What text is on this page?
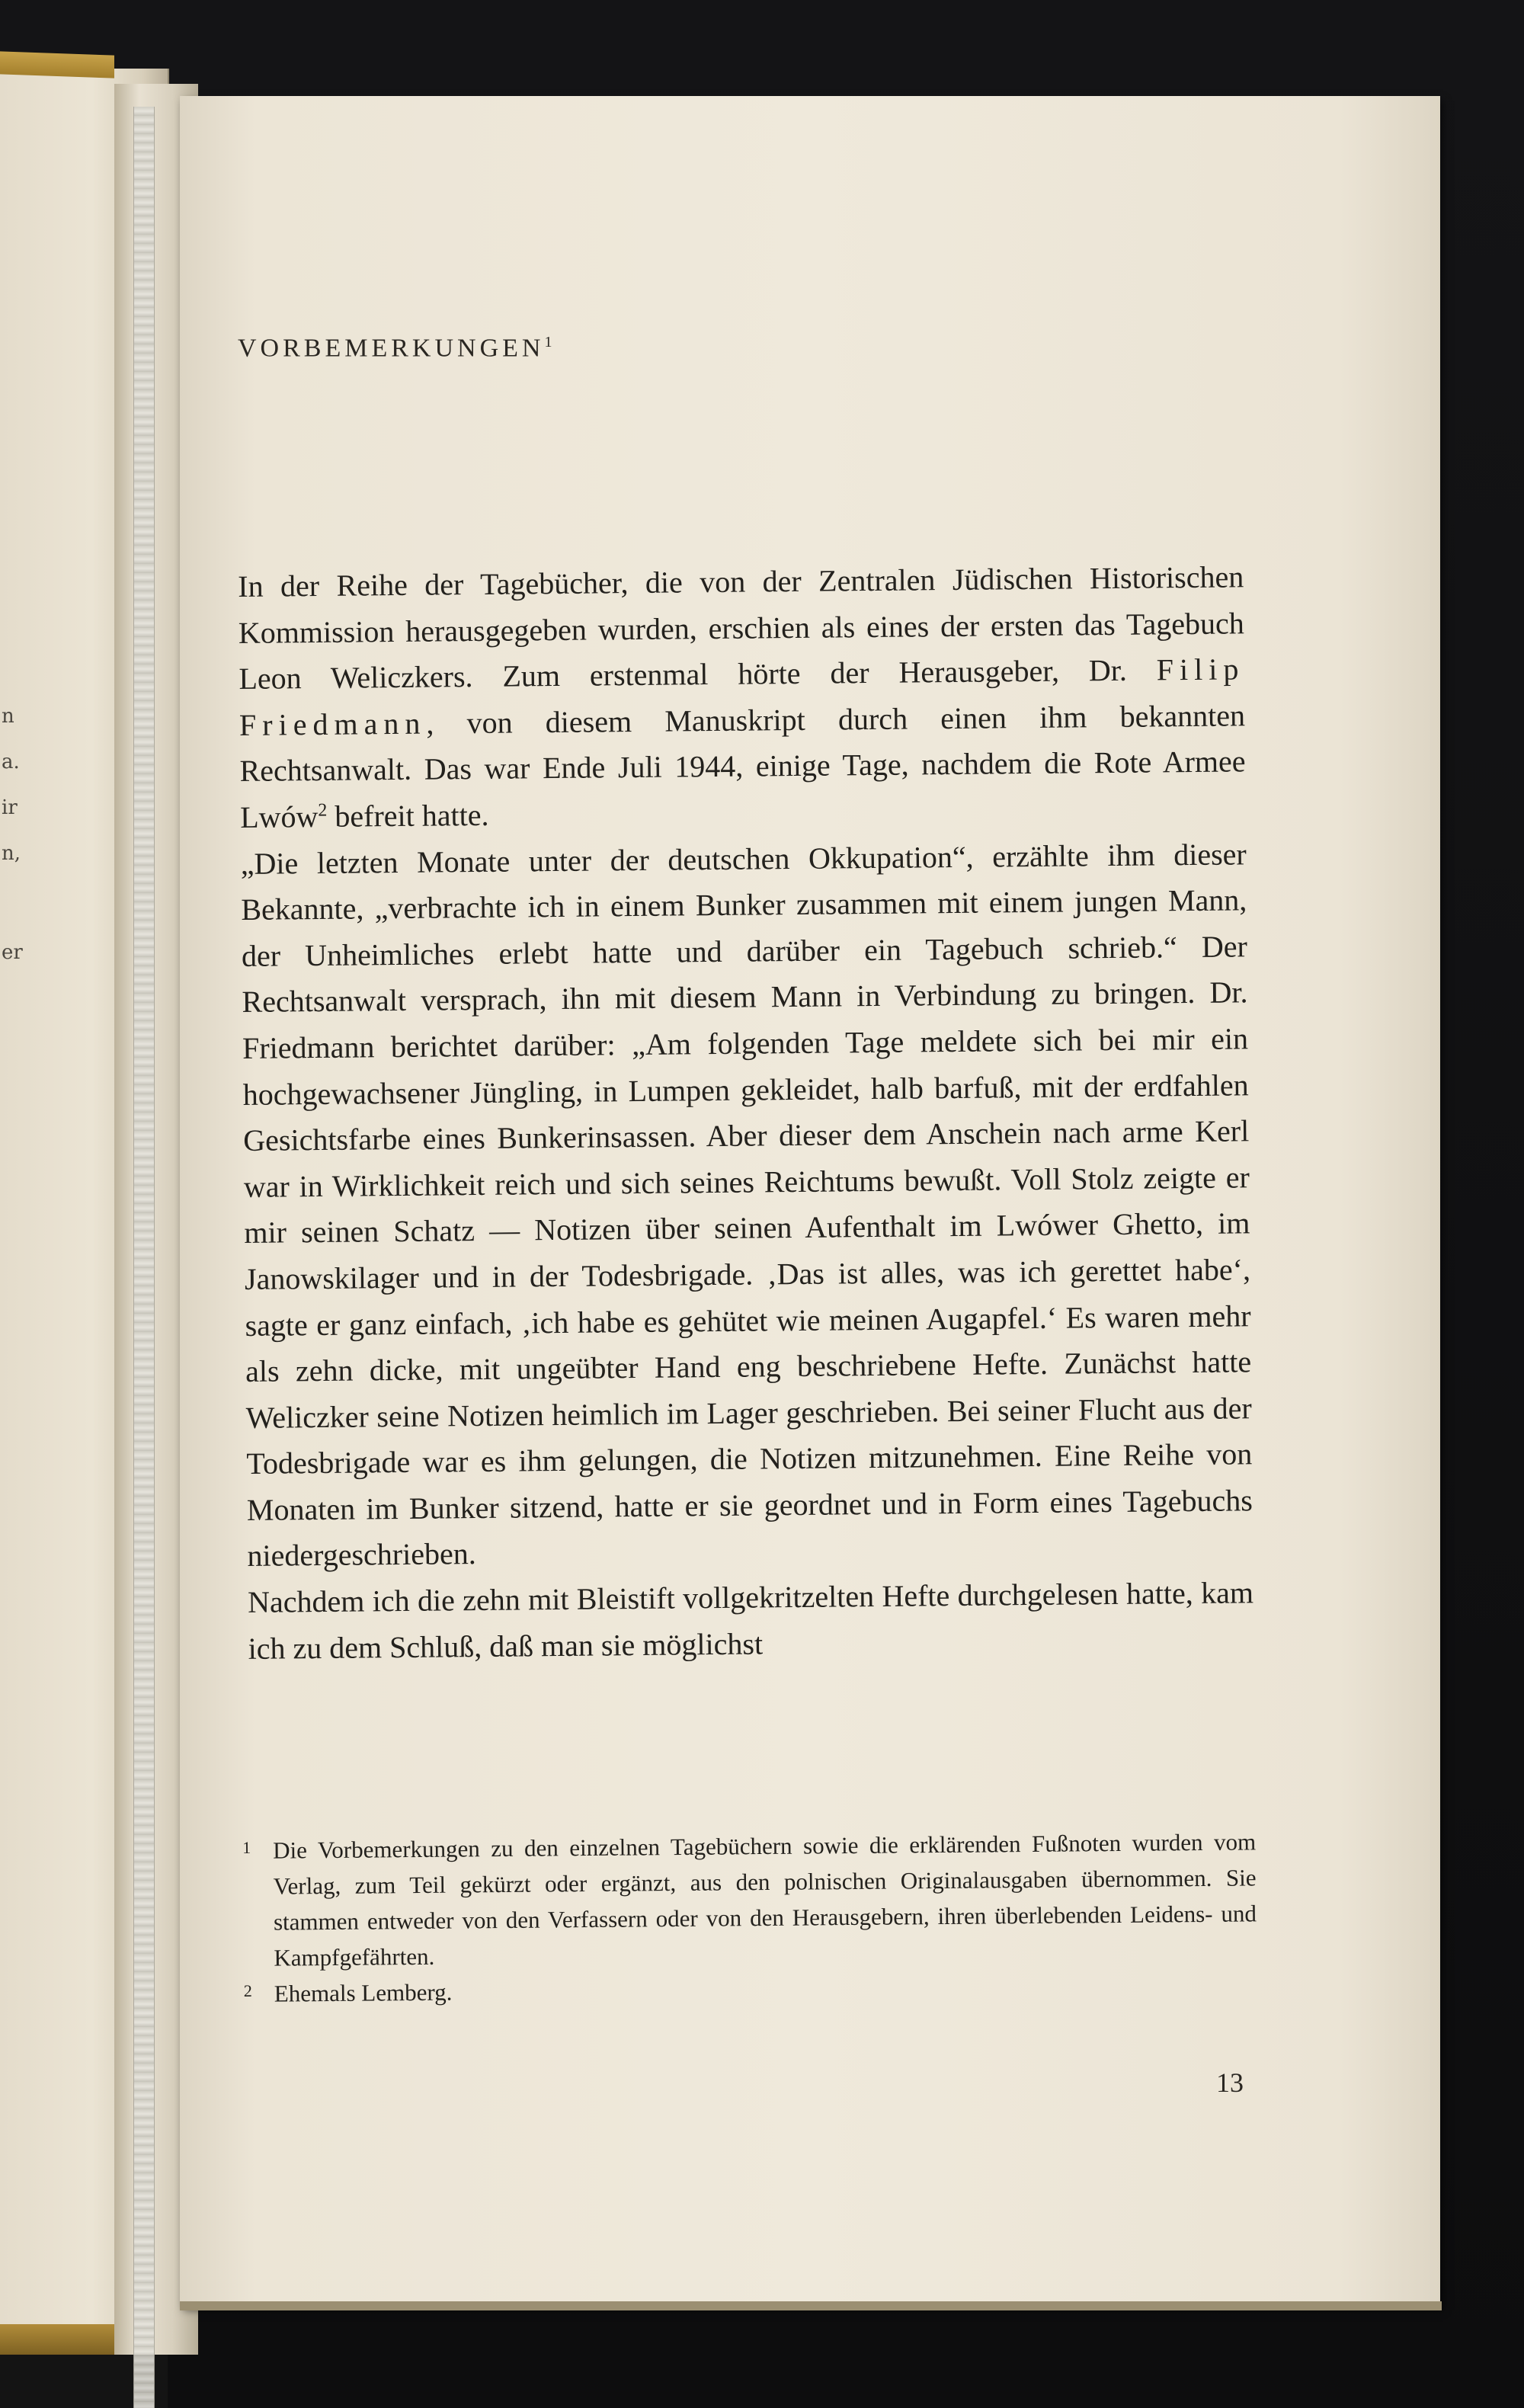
n
a.
ir
n,
er
VORBEMERKUNGEN$^1$

In der Reihe der Tagebücher, die von der Zentralen Jüdischen Historischen Kommission herausgegeben wurden, erschien als eines der ersten das Tagebuch Leon Weliczkers. Zum erstenmal hörte der Herausgeber, Dr. Filip Friedmann, von diesem Manuskript durch einen ihm bekannten Rechtsanwalt. Das war Ende Juli 1944, einige Tage, nachdem die Rote Armee Lwów$^2$ befreit hatte.

„Die letzten Monate unter der deutschen Okkupation“, erzählte ihm dieser Bekannte, „verbrachte ich in einem Bunker zusammen mit einem jungen Mann, der Unheimliches erlebt hatte und darüber ein Tagebuch schrieb.“ Der Rechtsanwalt versprach, ihn mit diesem Mann in Verbindung zu bringen. Dr. Friedmann berichtet darüber: „Am folgenden Tage meldete sich bei mir ein hochgewachsener Jüngling, in Lumpen gekleidet, halb barfuß, mit der erdfahlen Gesichtsfarbe eines Bunkerinsassen. Aber dieser dem Anschein nach arme Kerl war in Wirklichkeit reich und sich seines Reichtums bewußt. Voll Stolz zeigte er mir seinen Schatz — Notizen über seinen Aufenthalt im Lwówer Ghetto, im Janowskilager und in der Todesbrigade. ‚Das ist alles, was ich gerettet habe‘, sagte er ganz einfach, ‚ich habe es gehütet wie meinen Augapfel.‘ Es waren mehr als zehn dicke, mit ungeübter Hand eng beschriebene Hefte. Zunächst hatte Weliczker seine Notizen heimlich im Lager geschrieben. Bei seiner Flucht aus der Todesbrigade war es ihm gelungen, die Notizen mitzunehmen. Eine Reihe von Monaten im Bunker sitzend, hatte er sie geordnet und in Form eines Tagebuchs niedergeschrieben.

Nachdem ich die zehn mit Bleistift vollgekritzelten Hefte durchgelesen hatte, kam ich zu dem Schluß, daß man sie möglichst

1 Die Vorbemerkungen zu den einzelnen Tagebüchern sowie die erklärenden Fußnoten wurden vom Verlag, zum Teil gekürzt oder ergänzt, aus den polnischen Originalausgaben übernommen. Sie stammen entweder von den Verfassern oder von den Herausgebern, ihren überlebenden Leidens- und Kampfgefährten.
2 Ehemals Lemberg.
13
